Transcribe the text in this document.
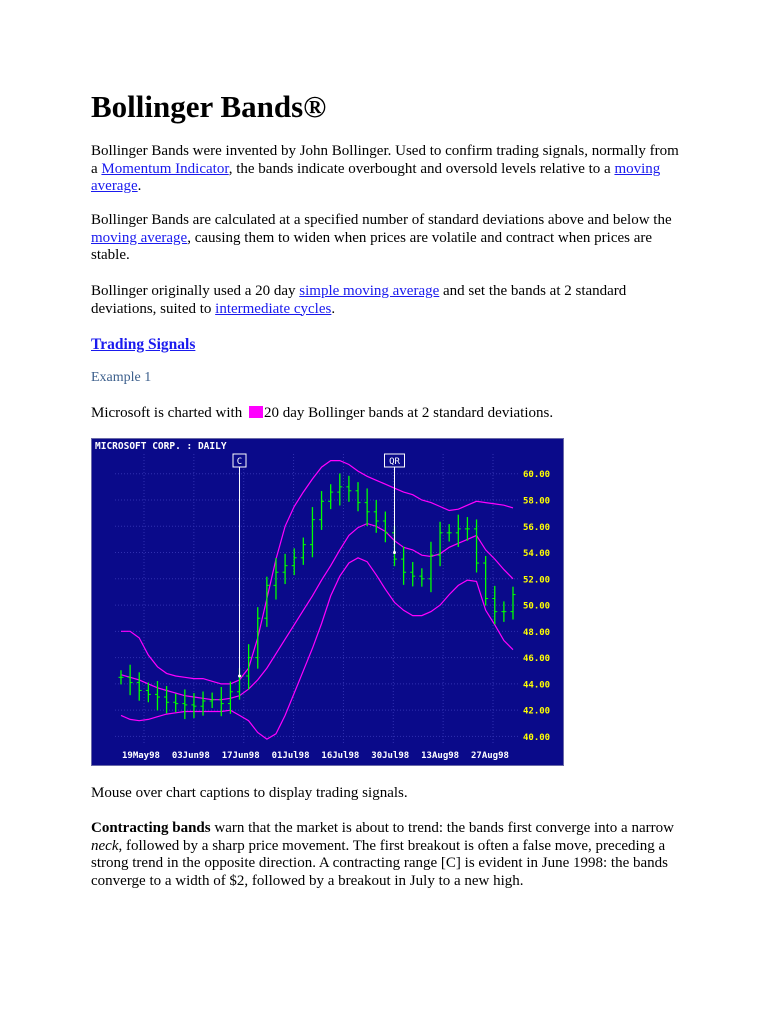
Bollinger Bands®

Bollinger Bands were invented by John Bollinger. Used to confirm trading signals, normally from a Momentum Indicator, the bands indicate overbought and oversold levels relative to a moving average.

Bollinger Bands are calculated at a specified number of standard deviations above and below the moving average, causing them to widen when prices are volatile and contract when prices are stable.

Bollinger originally used a 20 day simple moving average and set the bands at 2 standard deviations, suited to intermediate cycles.

Trading Signals
Example 1

Microsoft is charted with 20 day Bollinger bands at 2 standard deviations.

Mouse over chart captions to display trading signals.

Contracting bands warn that the market is about to trend: the bands first converge into a narrow neck, followed by a sharp price movement. The first breakout is often a false move, preceding a strong trend in the opposite direction. A contracting range [C] is evident in June 1998: the bands converge to a width of $2, followed by a breakout in July to a new high.

MICROSOFT CORP. : DAILY
C	QR
40.00
42.00
44.00
46.00
48.00
50.00
52.00
54.00
56.00
58.00
60.00
19May98 03Jun98 17Jun98 01Jul98 16Jul98 30Jul98 13Aug98 27Aug98
